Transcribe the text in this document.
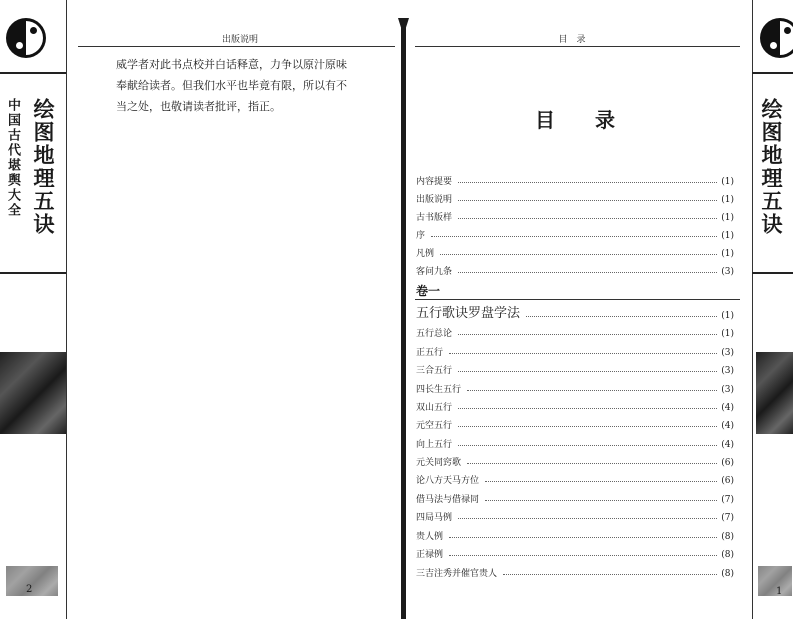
中国古代堪舆大全 绘图地理五诀
2
出版说明
威学者对此书点校并白话释意，力争以原汁原味
奉献给读者。但我们水平也毕竟有限，所以有不
当之处，也敬请读者批评，指正。
目　录
目　　录
内容提要	(1)
出版说明	(1)
古书版样	(1)
序	(1)
凡例	(1)
客问九条	(3)
卷一
五行歌诀罗盘学法	(1)
五行总论	(1)
正五行	(3)
三合五行	(3)
四长生五行	(3)
双山五行	(4)
元空五行	(4)
向上五行	(4)
元关同窍歌	(6)
论八方天马方位	(6)
借马法与借禄同	(7)
四局马例	(7)
贵人例	(8)
正禄例	(8)
三吉注秀并催官贵人	(8)
绘图地理五诀
1
